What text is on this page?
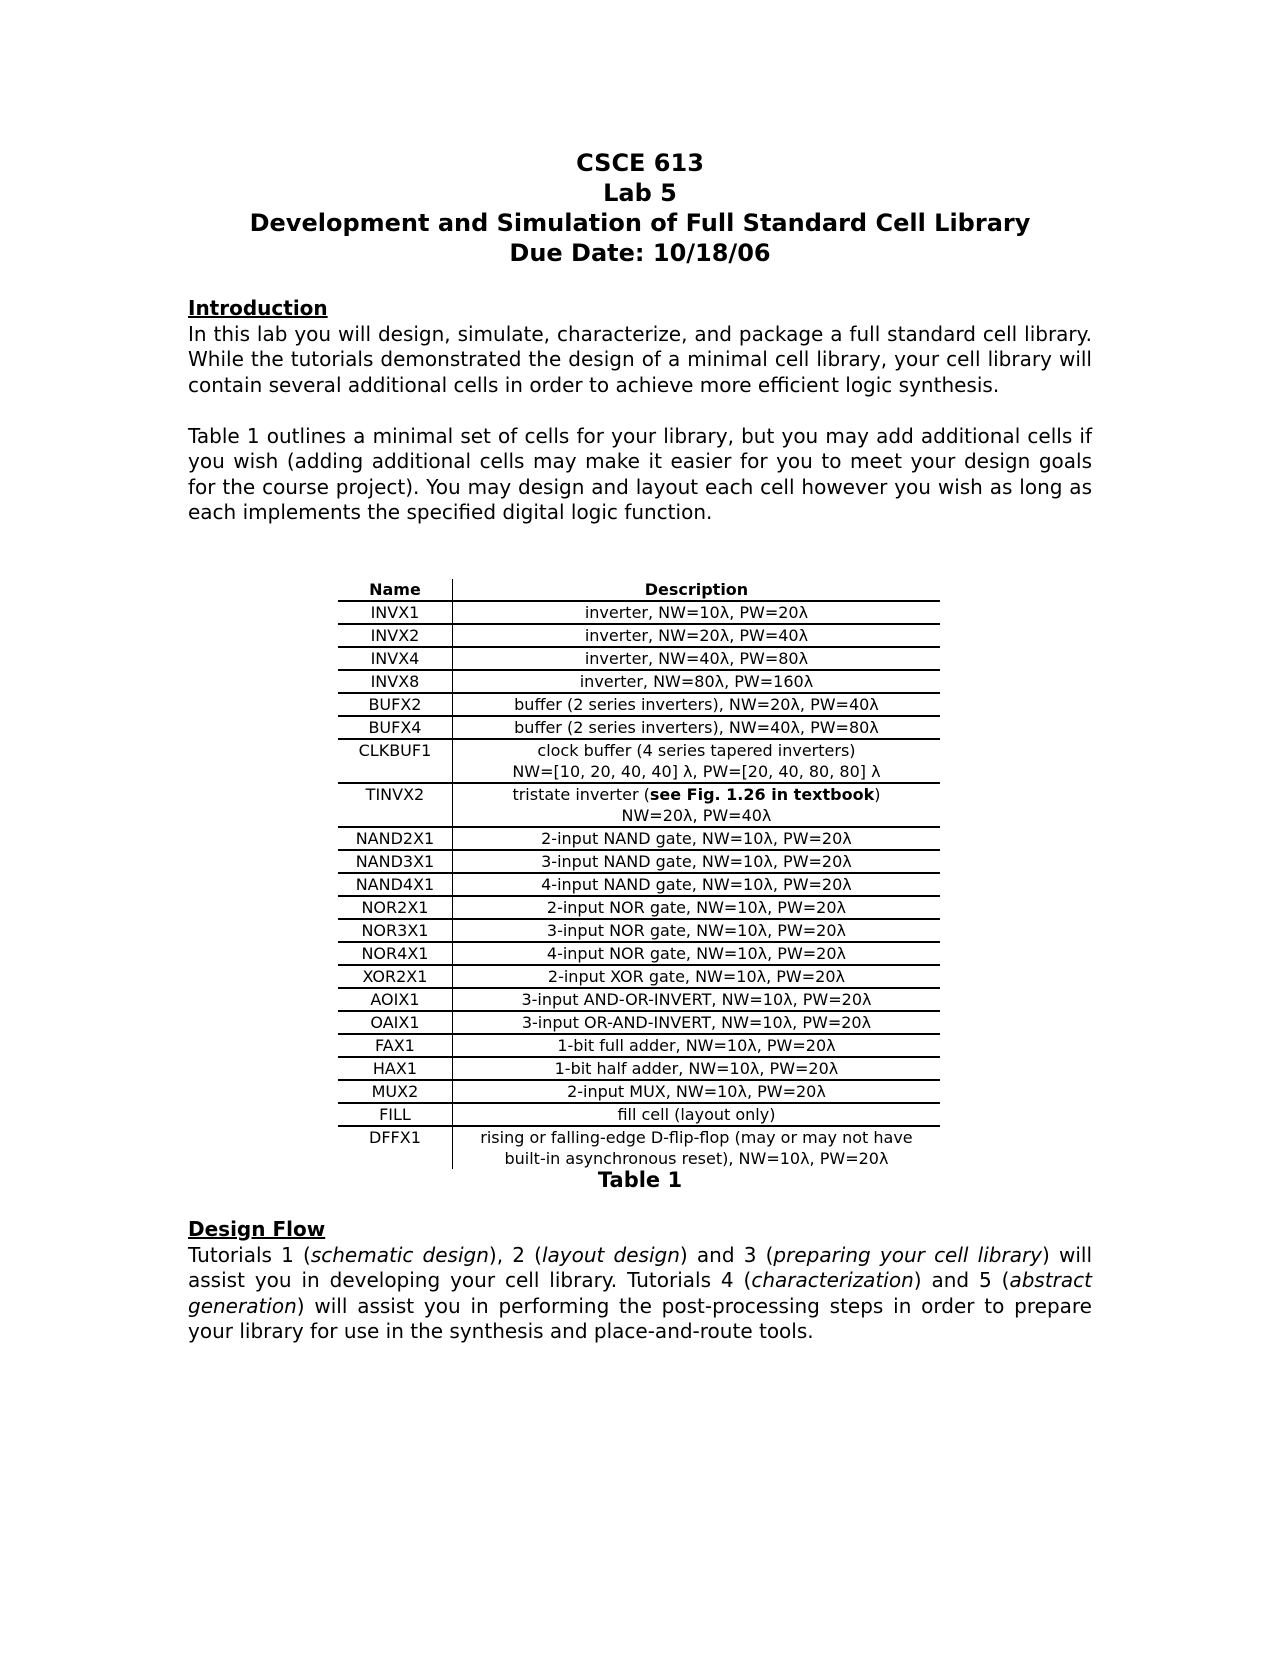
CSCE 613
Lab 5
Development and Simulation of Full Standard Cell Library
Due Date: 10/18/06
Introduction
In this lab you will design, simulate, characterize, and package a full standard cell library. While the tutorials demonstrated the design of a minimal cell library, your cell library will contain several additional cells in order to achieve more efficient logic synthesis.
Table 1 outlines a minimal set of cells for your library, but you may add additional cells if you wish (adding additional cells may make it easier for you to meet your design goals for the course project). You may design and layout each cell however you wish as long as each implements the specified digital logic function.
Name	Description
INVX1	inverter, NW=10λ, PW=20λ

INVX2	inverter, NW=20λ, PW=40λ

INVX4	inverter, NW=40λ, PW=80λ

INVX8	inverter, NW=80λ, PW=160λ

BUFX2	buffer (2 series inverters), NW=20λ, PW=40λ

BUFX4	buffer (2 series inverters), NW=40λ, PW=80λ

CLKBUF1	clock buffer (4 series tapered inverters)
NW=[10, 20, 40, 40] λ, PW=[20, 40, 80, 80] λ

TINVX2	tristate inverter (see Fig. 1.26 in textbook)
NW=20λ, PW=40λ

NAND2X1	2-input NAND gate, NW=10λ, PW=20λ

NAND3X1	3-input NAND gate, NW=10λ, PW=20λ

NAND4X1	4-input NAND gate, NW=10λ, PW=20λ

NOR2X1	2-input NOR gate, NW=10λ, PW=20λ

NOR3X1	3-input NOR gate, NW=10λ, PW=20λ

NOR4X1	4-input NOR gate, NW=10λ, PW=20λ

XOR2X1	2-input XOR gate, NW=10λ, PW=20λ

AOIX1	3-input AND-OR-INVERT, NW=10λ, PW=20λ

OAIX1	3-input OR-AND-INVERT, NW=10λ, PW=20λ

FAX1	1-bit full adder, NW=10λ, PW=20λ

HAX1	1-bit half adder, NW=10λ, PW=20λ

MUX2	2-input MUX, NW=10λ, PW=20λ

FILL	fill cell (layout only)

DFFX1	rising or falling-edge D-flip-flop (may or may not have
built-in asynchronous reset), NW=10λ, PW=20λ
Table 1
Design Flow
Tutorials 1 (schematic design), 2 (layout design) and 3 (preparing your cell library) will assist you in developing your cell library. Tutorials 4 (characterization) and 5 (abstract generation) will assist you in performing the post-processing steps in order to prepare your library for use in the synthesis and place-and-route tools.
